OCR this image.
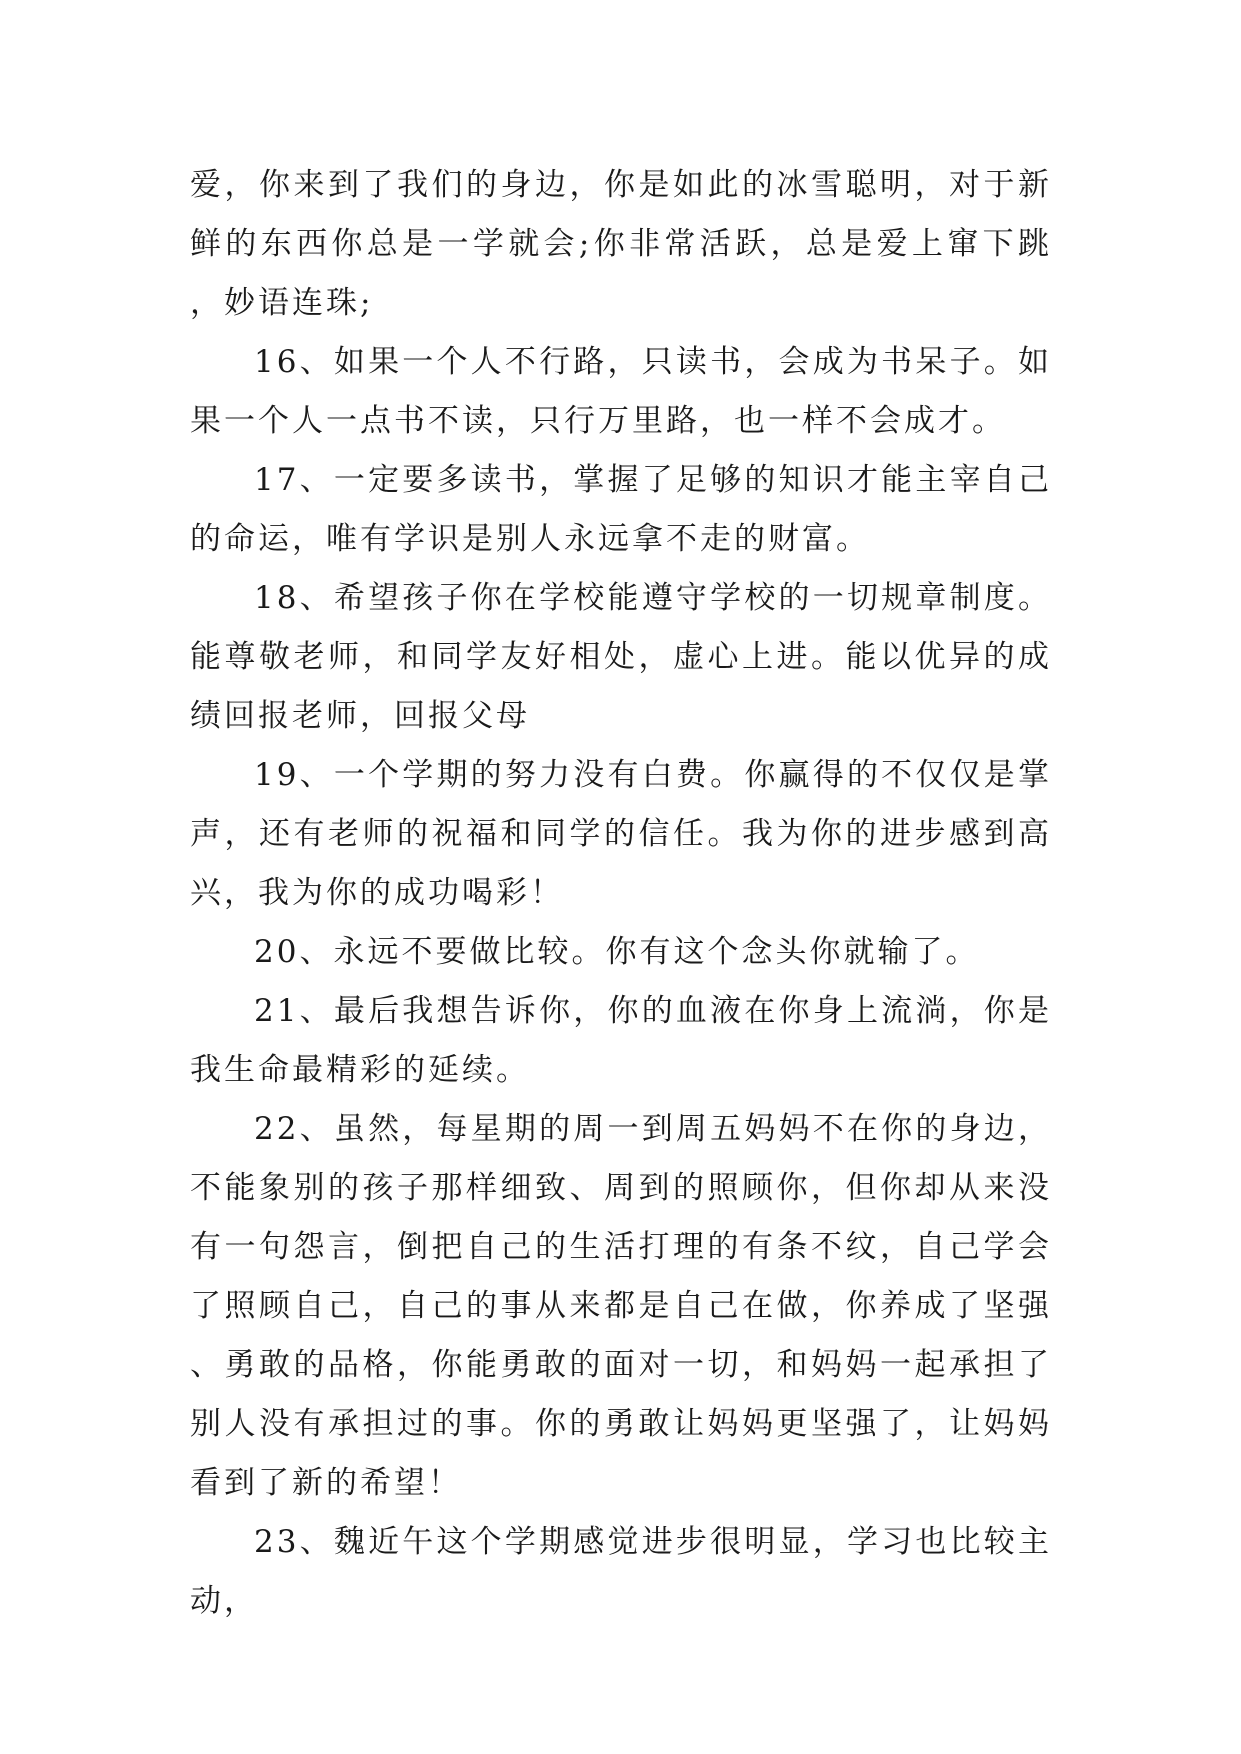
爱，你来到了我们的身边，你是如此的冰雪聪明，对于新鲜的东西你总是一学就会;你非常活跃，总是爱上窜下跳，妙语连珠;

16、如果一个人不行路，只读书，会成为书呆子。如果一个人一点书不读，只行万里路，也一样不会成才。

17、一定要多读书，掌握了足够的知识才能主宰自己的命运，唯有学识是别人永远拿不走的财富。

18、希望孩子你在学校能遵守学校的一切规章制度。能尊敬老师，和同学友好相处，虚心上进。能以优异的成绩回报老师，回报父母

19、一个学期的努力没有白费。你赢得的不仅仅是掌声，还有老师的祝福和同学的信任。我为你的进步感到高兴，我为你的成功喝彩！

20、永远不要做比较。你有这个念头你就输了。

21、最后我想告诉你，你的血液在你身上流淌，你是我生命最精彩的延续。

22、虽然，每星期的周一到周五妈妈不在你的身边，不能象别的孩子那样细致、周到的照顾你，但你却从来没有一句怨言，倒把自己的生活打理的有条不纹，自己学会了照顾自己，自己的事从来都是自己在做，你养成了坚强、勇敢的品格，你能勇敢的面对一切，和妈妈一起承担了别人没有承担过的事。你的勇敢让妈妈更坚强了，让妈妈看到了新的希望！

23、魏近午这个学期感觉进步很明显，学习也比较主动，
